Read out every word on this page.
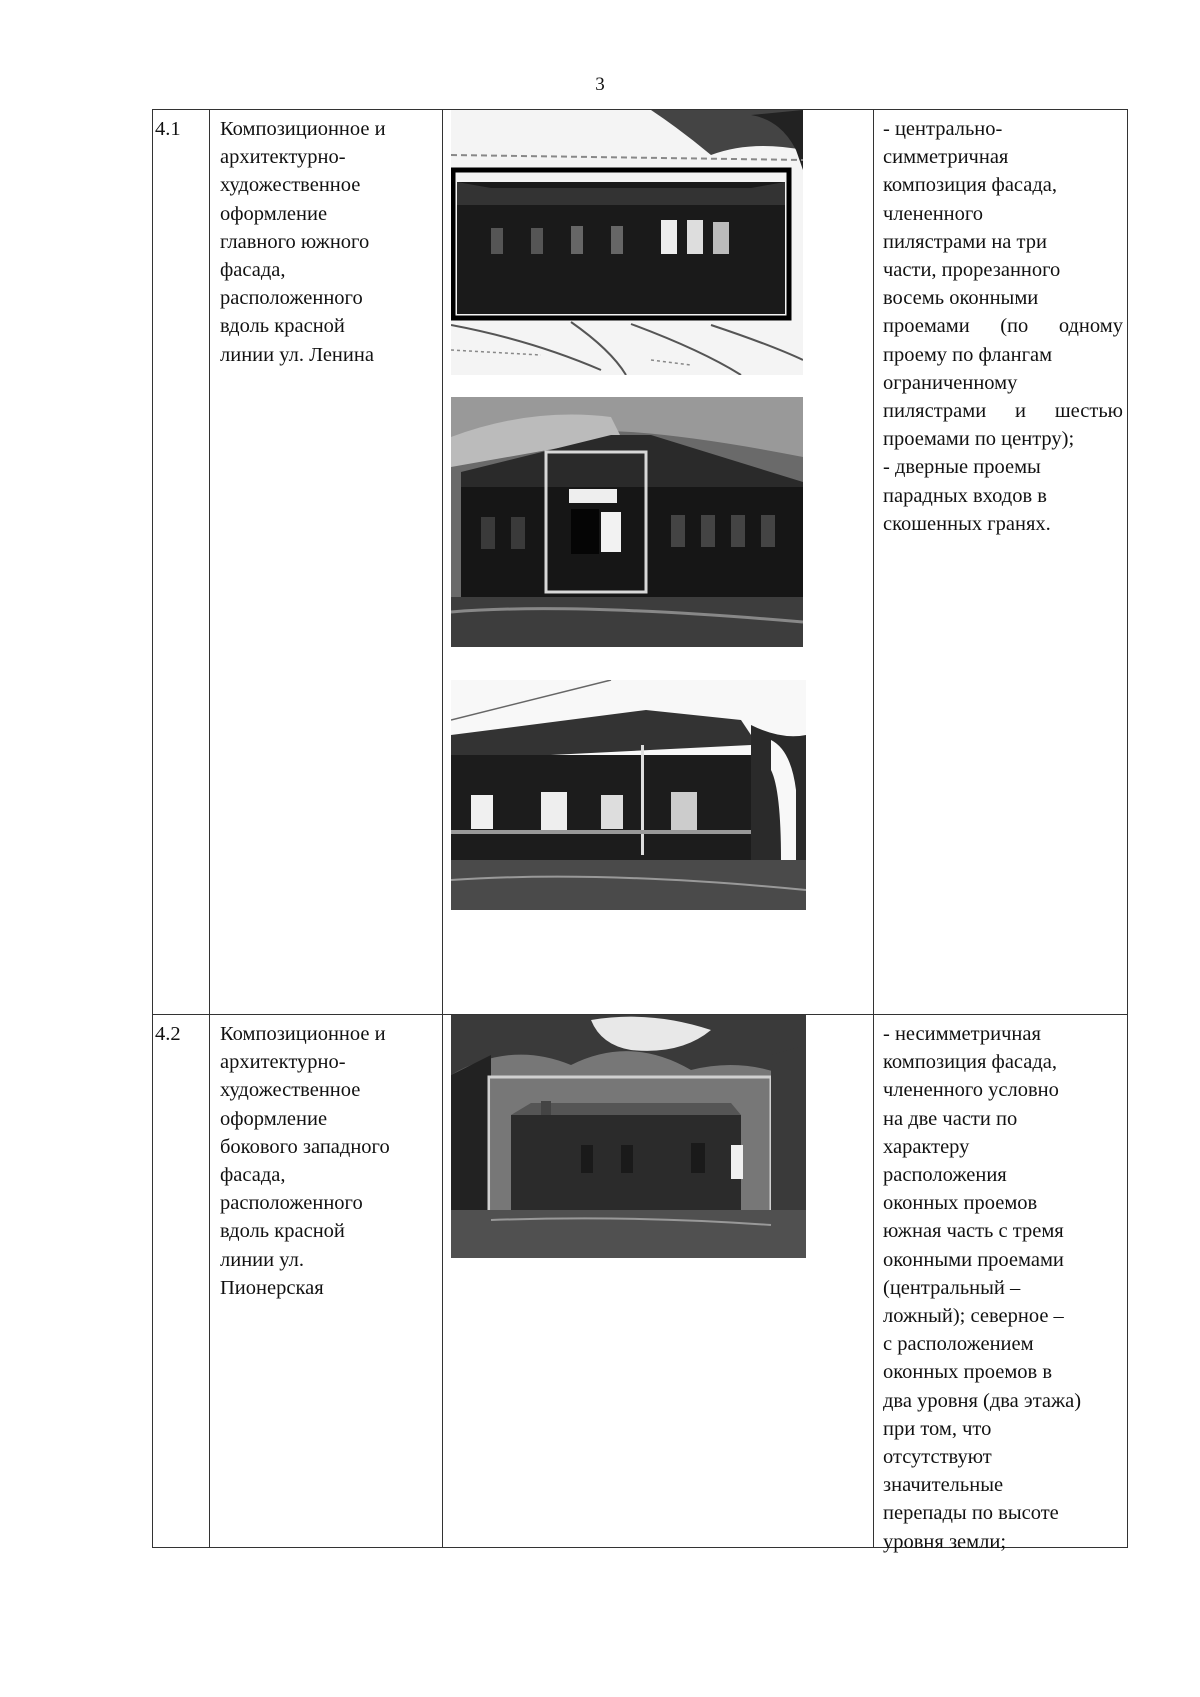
3
4.1	Композиционное и
архитектурно-
художественное
оформление
главного южного
фасада,
расположенного
вдоль красной
линии ул. Ленина
- центрально-
симметричная
композиция фасада,
члененного
пилястрами на три
части, прорезанного
восемь оконными
проемами (по одному
проему по флангам
ограниченному
пилястрами и шестью
проемами по центру);
- дверные проемы
парадных входов в
скошенных гранях.
4.2	Композиционное и
архитектурно-
художественное
оформление
бокового западного
фасада,
расположенного
вдоль красной
линии ул.
Пионерская
- несимметричная
композиция фасада,
члененного условно
на две части по
характеру
расположения
оконных проемов
южная часть с тремя
оконными проемами
(центральный –
ложный); северное –
с расположением
оконных проемов в
два уровня (два этажа)
при том, что
отсутствуют
значительные
перепады по высоте
уровня земли;
